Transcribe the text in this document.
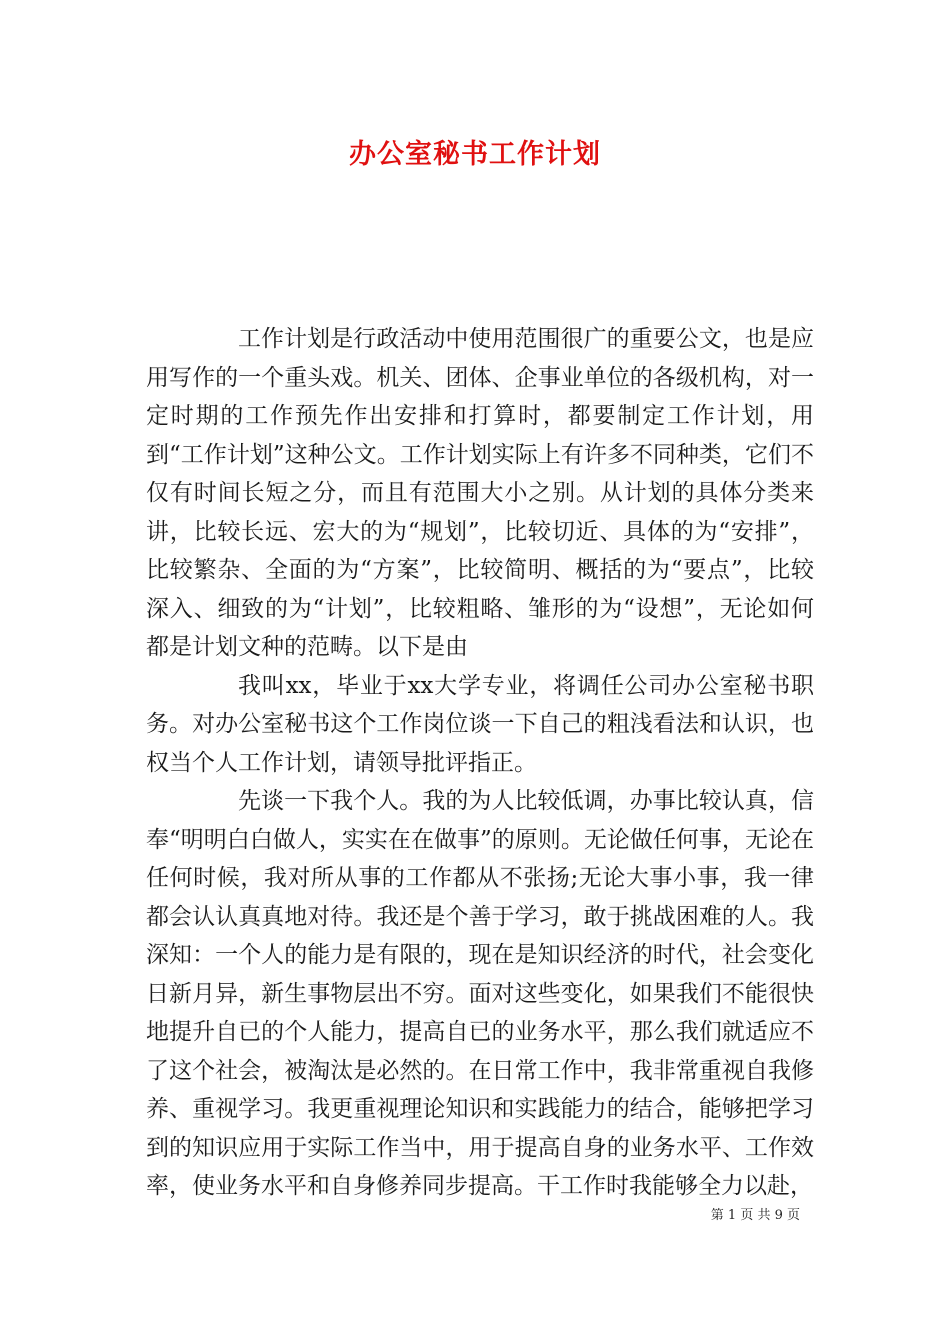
办公室秘书工作计划

工作计划是行政活动中使用范围很广的重要公文，也是应用写作的一个重头戏。机关、团体、企事业单位的各级机构，对一定时期的工作预先作出安排和打算时，都要制定工作计划，用到“工作计划”这种公文。工作计划实际上有许多不同种类，它们不仅有时间长短之分，而且有范围大小之别。从计划的具体分类来讲，比较长远、宏大的为“规划”，比较切近、具体的为“安排”，比较繁杂、全面的为“方案”，比较简明、概括的为“要点”，比较深入、细致的为“计划”，比较粗略、雏形的为“设想”，无论如何都是计划文种的范畴。以下是由

我叫xx，毕业于xx大学专业，将调任公司办公室秘书职务。对办公室秘书这个工作岗位谈一下自己的粗浅看法和认识，也权当个人工作计划，请领导批评指正。

先谈一下我个人。我的为人比较低调，办事比较认真，信奉“明明白白做人，实实在在做事”的原则。无论做任何事，无论在任何时候，我对所从事的工作都从不张扬;无论大事小事，我一律都会认认真真地对待。我还是个善于学习，敢于挑战困难的人。我深知：一个人的能力是有限的，现在是知识经济的时代，社会变化日新月异，新生事物层出不穷。面对这些变化，如果我们不能很快地提升自已的个人能力，提高自已的业务水平，那么我们就适应不了这个社会，被淘汰是必然的。在日常工作中，我非常重视自我修养、重视学习。我更重视理论知识和实践能力的结合，能够把学习到的知识应用于实际工作当中，用于提高自身的业务水平、工作效率，使业务水平和自身修养同步提高。干工作时我能够全力以赴，

第 1 页 共 9 页
